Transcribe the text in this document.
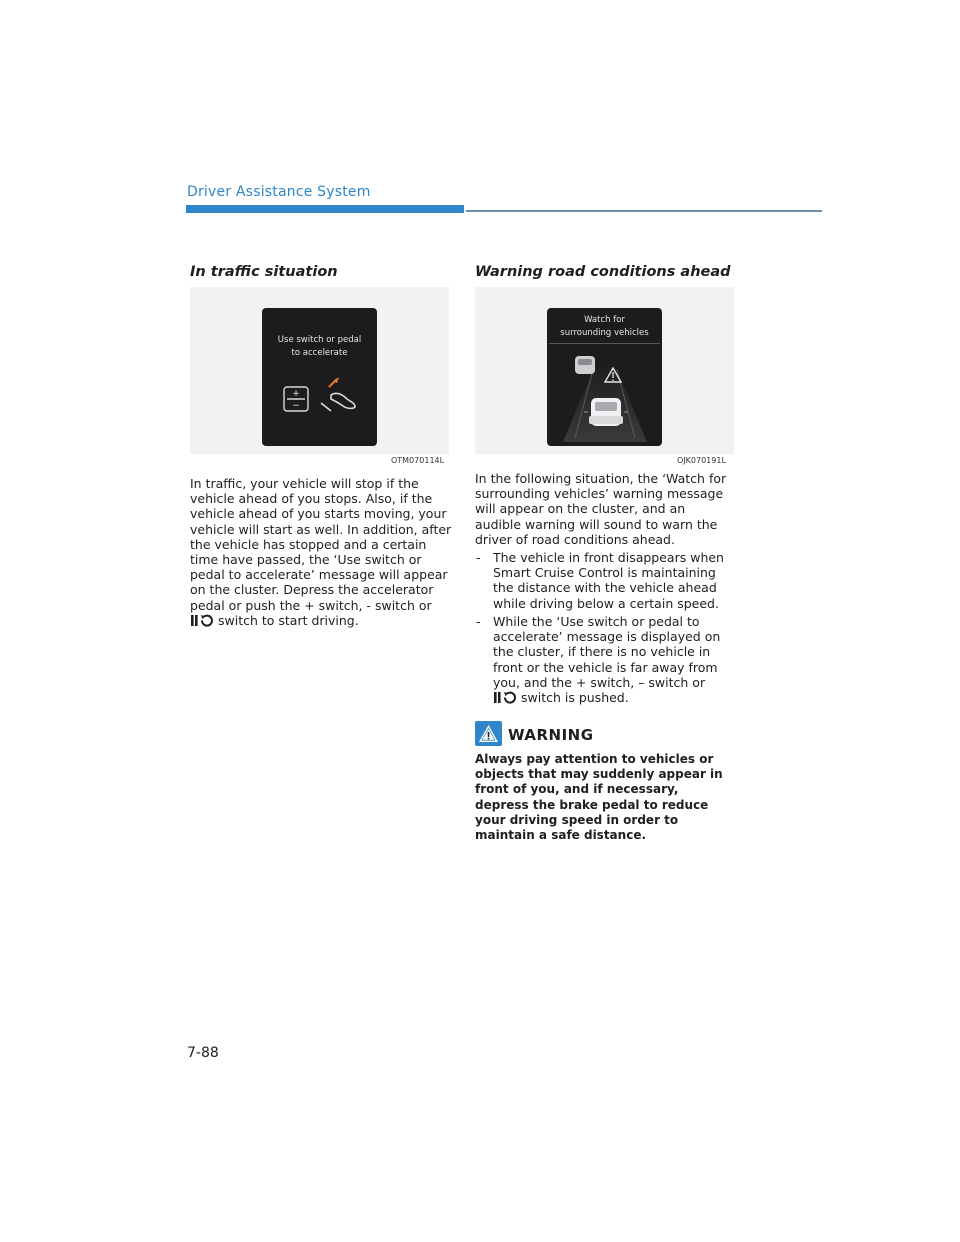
Driver Assistance System
In traffic situation
Use switch or pedal
to accelerate
+
−
OTM070114L

In traffic, your vehicle will stop if the vehicle ahead of you stops. Also, if the vehicle ahead of you starts moving, your vehicle will start as well. In addition, after the vehicle has stopped and a certain time have passed, the ‘Use switch or pedal to accelerate’ message will appear on the cluster. Depress the accelerator pedal or push the + switch, - switch or  switch to start driving.

Warning road conditions ahead
Watch for
surrounding vehicles
OJK070191L
In the following situation, the ‘Watch for surrounding vehicles’ warning message will appear on the cluster, and an audible warning will sound to warn the driver of road conditions ahead.
- The vehicle in front disappears when Smart Cruise Control is maintaining the distance with the vehicle ahead while driving below a certain speed.
- While the ‘Use switch or pedal to accelerate’ message is displayed on the cluster, if there is no vehicle in front or the vehicle is far away from you, and the + switch, – switch or  switch is pushed.
WARNING
Always pay attention to vehicles or objects that may suddenly appear in front of you, and if necessary, depress the brake pedal to reduce your driving speed in order to maintain a safe distance.
7-88
